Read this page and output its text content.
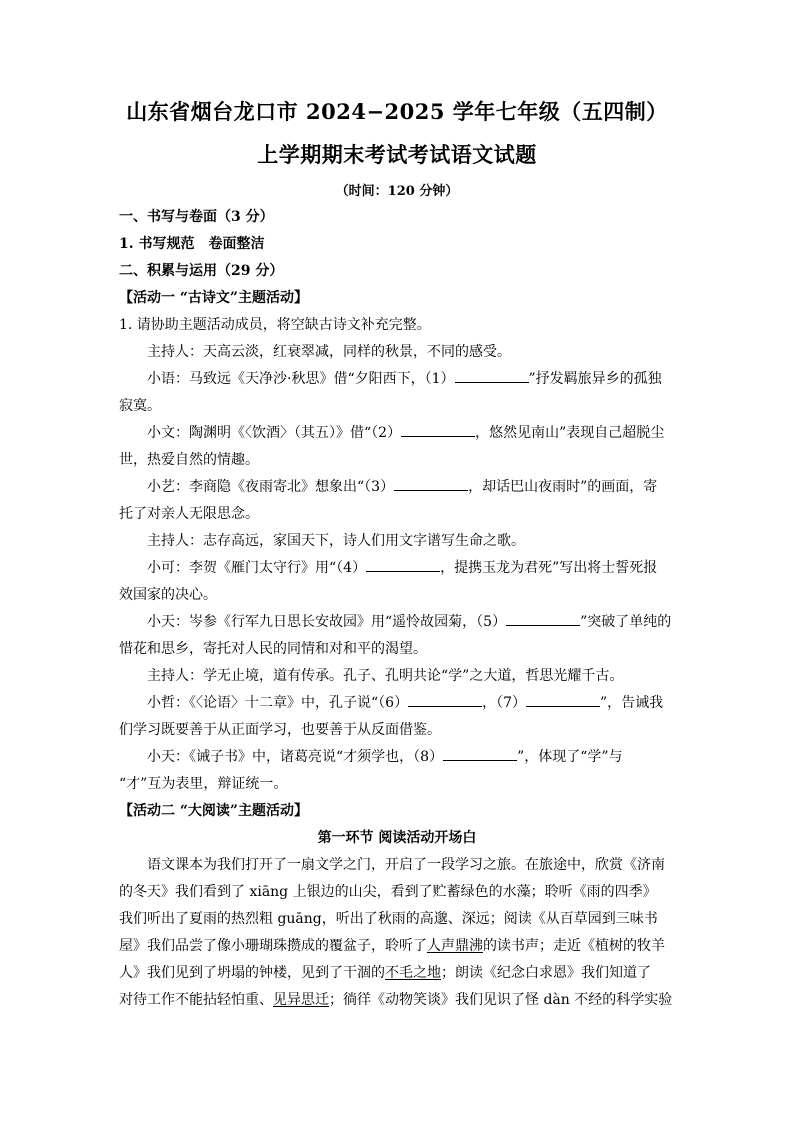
山东省烟台龙口市 2024−2025 学年七年级（五四制）
上学期期末考试考试语文试题
（时间：120 分钟）
一、书写与卷面（3 分）
1. 书写规范　卷面整洁
二、积累与运用（29 分）
【活动一 “古诗文”主题活动】
1. 请协助主题活动成员，将空缺古诗文补充完整。
主持人：天高云淡，红衰翠减，同样的秋景，不同的感受。
小语：马致远《天净沙·秋思》借“夕阳西下，（1）	”抒发羁旅异乡的孤独
寂寞。
小文：陶渊明《〈饮酒〉（其五）》借“（2）	，悠然见南山”表现自己超脱尘
世，热爱自然的情趣。
小艺：李商隐《夜雨寄北》想象出“（3）	，却话巴山夜雨时”的画面，寄
托了对亲人无限思念。
主持人：志存高远，家国天下，诗人们用文字谱写生命之歌。
小可：李贺《雁门太守行》用“（4）	，提携玉龙为君死”写出将士誓死报
效国家的决心。
小天：岑参《行军九日思长安故园》用“遥怜故园菊，（5）	”突破了单纯的
惜花和思乡，寄托对人民的同情和对和平的渴望。
主持人：学无止境，道有传承。孔子、孔明共论“学”之大道，哲思光耀千古。
小哲：《〈论语〉十二章》中，孔子说“（6）	，（7）	”，告诫我
们学习既要善于从正面学习，也要善于从反面借鉴。
小天：《诫子书》中，诸葛亮说“才须学也，（8）	”，体现了“学”与
“才”互为表里，辩证统一。
【活动二 “大阅读”主题活动】
第一环节 阅读活动开场白
语文课本为我们打开了一扇文学之门，开启了一段学习之旅。在旅途中，欣赏《济南
的冬天》我们看到了 xiāng 上银边的山尖，看到了贮蓄绿色的水藻；聆听《雨的四季》
我们听出了夏雨的热烈粗 guāng，听出了秋雨的高邈、深远；阅读《从百草园到三味书
屋》我们品尝了像小珊瑚珠攒成的覆盆子，聆听了人声鼎沸的读书声；走近《植树的牧羊
人》我们见到了坍塌的钟楼，见到了干涸的不毛之地；朗读《纪念白求恩》我们知道了
对待工作不能拈轻怕重、见异思迁；徜徉《动物笑谈》我们见识了怪 dàn 不经的科学实验
